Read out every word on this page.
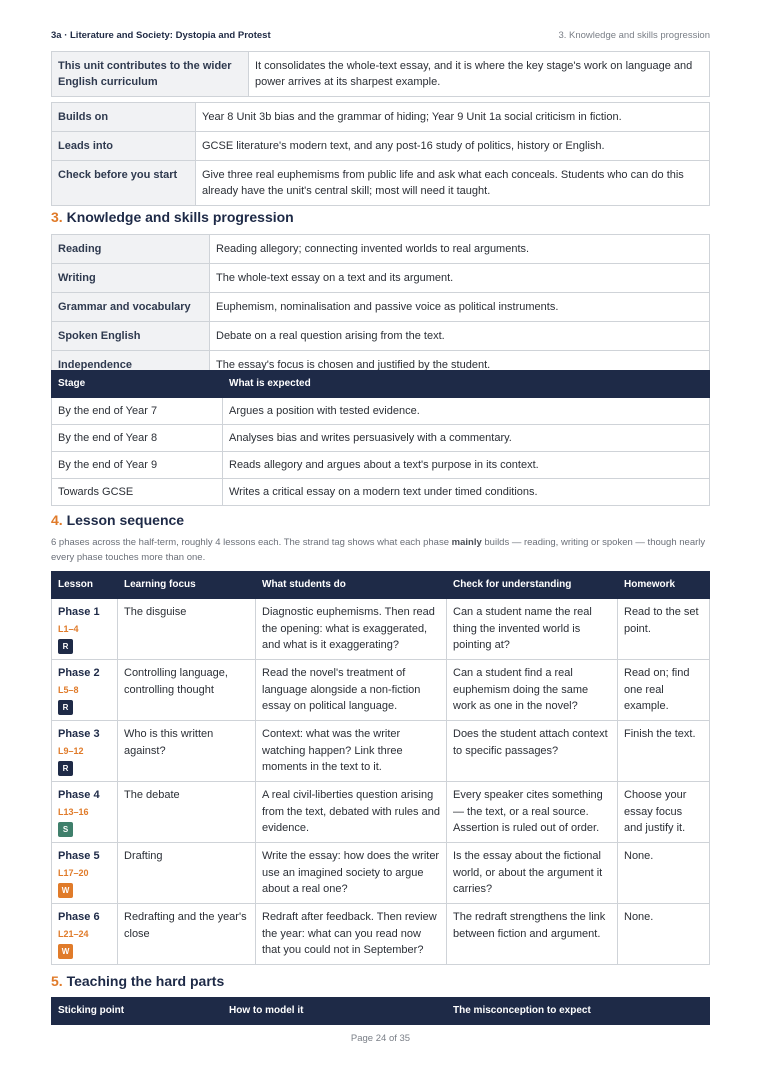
3a · Literature and Society: Dystopia and Protest	3. Knowledge and skills progression
This unit contributes to the wider English curriculum	It consolidates the whole-text essay, and it is where the key stage's work on language and power arrives at its sharpest example.
Builds on	Year 8 Unit 3b bias and the grammar of hiding; Year 9 Unit 1a social criticism in fiction.
Leads into	GCSE literature's modern text, and any post-16 study of politics, history or English.
Check before you start	Give three real euphemisms from public life and ask what each conceals. Students who can do this already have the unit's central skill; most will need it taught.
3. Knowledge and skills progression
Reading	Reading allegory; connecting invented worlds to real arguments.
Writing	The whole-text essay on a text and its argument.
Grammar and vocabulary	Euphemism, nominalisation and passive voice as political instruments.
Spoken English	Debate on a real question arising from the text.
Independence	The essay's focus is chosen and justified by the student.
Stage	What is expected
By the end of Year 7	Argues a position with tested evidence.
By the end of Year 8	Analyses bias and writes persuasively with a commentary.
By the end of Year 9	Reads allegory and argues about a text's purpose in its context.
Towards GCSE	Writes a critical essay on a modern text under timed conditions.
4. Lesson sequence

6 phases across the half-term, roughly 4 lessons each. The strand tag shows what each phase mainly builds — reading, writing or spoken — though nearly every phase touches more than one.

Lesson	Learning focus	What students do	Check for understanding	Homework

Phase 1
L1–4
R	The disguise	Diagnostic euphemisms. Then read the opening: what is exaggerated, and what is it exaggerating?	Can a student name the real thing the invented world is pointing at?	Read to the set point.

Phase 2
L5–8
R	Controlling language, controlling thought	Read the novel's treatment of language alongside a non-fiction essay on political language.	Can a student find a real euphemism doing the same work as one in the novel?	Read on; find one real example.

Phase 3
L9–12
R	Who is this written against?	Context: what was the writer watching happen? Link three moments in the text to it.	Does the student attach context to specific passages?	Finish the text.

Phase 4
L13–16
S	The debate	A real civil-liberties question arising from the text, debated with rules and evidence.	Every speaker cites something — the text, or a real source. Assertion is ruled out of order.	Choose your essay focus and justify it.

Phase 5
L17–20
W	Drafting	Write the essay: how does the writer use an imagined society to argue about a real one?	Is the essay about the fictional world, or about the argument it carries?	None.

Phase 6
L21–24
W	Redrafting and the year's close	Redraft after feedback. Then review the year: what can you read now that you could not in September?	The redraft strengthens the link between fiction and argument.	None.
5. Teaching the hard parts
Sticking point	How to model it	The misconception to expect
Page 24 of 35
